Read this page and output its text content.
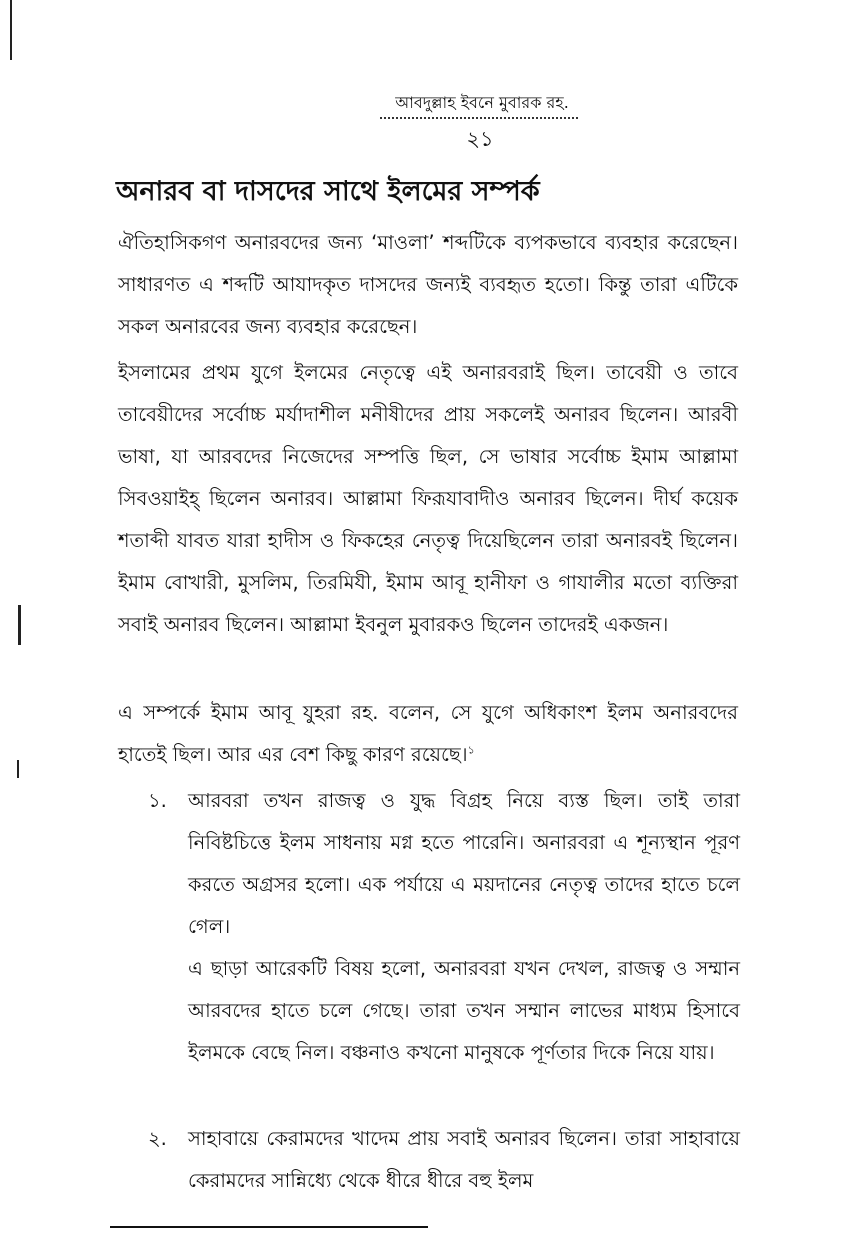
আবদুল্লাহ ইবনে মুবারক রহ.
২১
অনারব বা দাসদের সাথে ইলমের সম্পর্ক

ঐতিহাসিকগণ অনারবদের জন্য ‘মাওলা’ শব্দটিকে ব্যপকভাবে ব্যবহার করেছেন। সাধারণত এ শব্দটি আযাদকৃত দাসদের জন্যই ব্যবহৃত হতো। কিন্তু তারা এটিকে সকল অনারবের জন্য ব্যবহার করেছেন।

ইসলামের প্রথম যুগে ইলমের নেতৃত্বে এই অনারবরাই ছিল। তাবেয়ী ও তাবে তাবেয়ীদের সর্বোচ্চ মর্যাদাশীল মনীষীদের প্রায় সকলেই অনারব ছিলেন। আরবী ভাষা, যা আরবদের নিজেদের সম্পত্তি ছিল, সে ভাষার সর্বোচ্চ ইমাম আল্লামা সিবওয়াইহ্ ছিলেন অনারব। আল্লামা ফিরূযাবাদীও অনারব ছিলেন। দীর্ঘ কয়েক শতাব্দী যাবত যারা হাদীস ও ফিকহের নেতৃত্ব দিয়েছিলেন তারা অনারবই ছিলেন। ইমাম বোখারী, মুসলিম, তিরমিযী, ইমাম আবূ হানীফা ও গাযালীর মতো ব্যক্তিরা সবাই অনারব ছিলেন। আল্লামা ইবনুল মুবারকও ছিলেন তাদেরই একজন।

এ সম্পর্কে ইমাম আবূ যুহরা রহ. বলেন, সে যুগে অধিকাংশ ইলম অনারবদের হাতেই ছিল। আর এর বেশ কিছু কারণ রয়েছে।$^১$

১.	আরবরা তখন রাজত্ব ও যুদ্ধ বিগ্রহ নিয়ে ব্যস্ত ছিল। তাই তারা নিবিষ্টচিত্তে ইলম সাধনায় মগ্ন হতে পারেনি। অনারবরা এ শূন্যস্থান পূরণ করতে অগ্রসর হলো। এক পর্যায়ে এ ময়দানের নেতৃত্ব তাদের হাতে চলে গেল।

এ ছাড়া আরেকটি বিষয় হলো, অনারবরা যখন দেখল, রাজত্ব ও সম্মান আরবদের হাতে চলে গেছে। তারা তখন সম্মান লাভের মাধ্যম হিসাবে ইলমকে বেছে নিল। বঞ্চনাও কখনো মানুষকে পূর্ণতার দিকে নিয়ে যায়।

২.	সাহাবায়ে কেরামদের খাদেম প্রায় সবাই অনারব ছিলেন। তারা সাহাবায়ে কেরামদের সান্নিধ্যে থেকে ধীরে ধীরে বহু ইলম
